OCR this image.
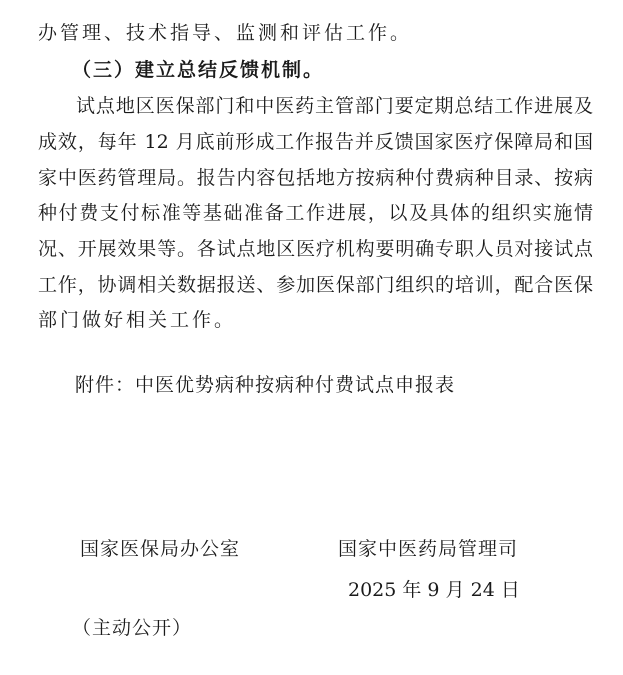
办管理、技术指导、监测和评估工作。
（三）建立总结反馈机制。
试点地区医保部门和中医药主管部门要定期总结工作进展及
成效，每年 12 月底前形成工作报告并反馈国家医疗保障局和国
家中医药管理局。报告内容包括地方按病种付费病种目录、按病
种付费支付标准等基础准备工作进展，以及具体的组织实施情
况、开展效果等。各试点地区医疗机构要明确专职人员对接试点
工作，协调相关数据报送、参加医保部门组织的培训，配合医保
部门做好相关工作。
附件：中医优势病种按病种付费试点申报表
国家医保局办公室	国家中医药局管理司
2025 年 9 月 24 日
（主动公开）
